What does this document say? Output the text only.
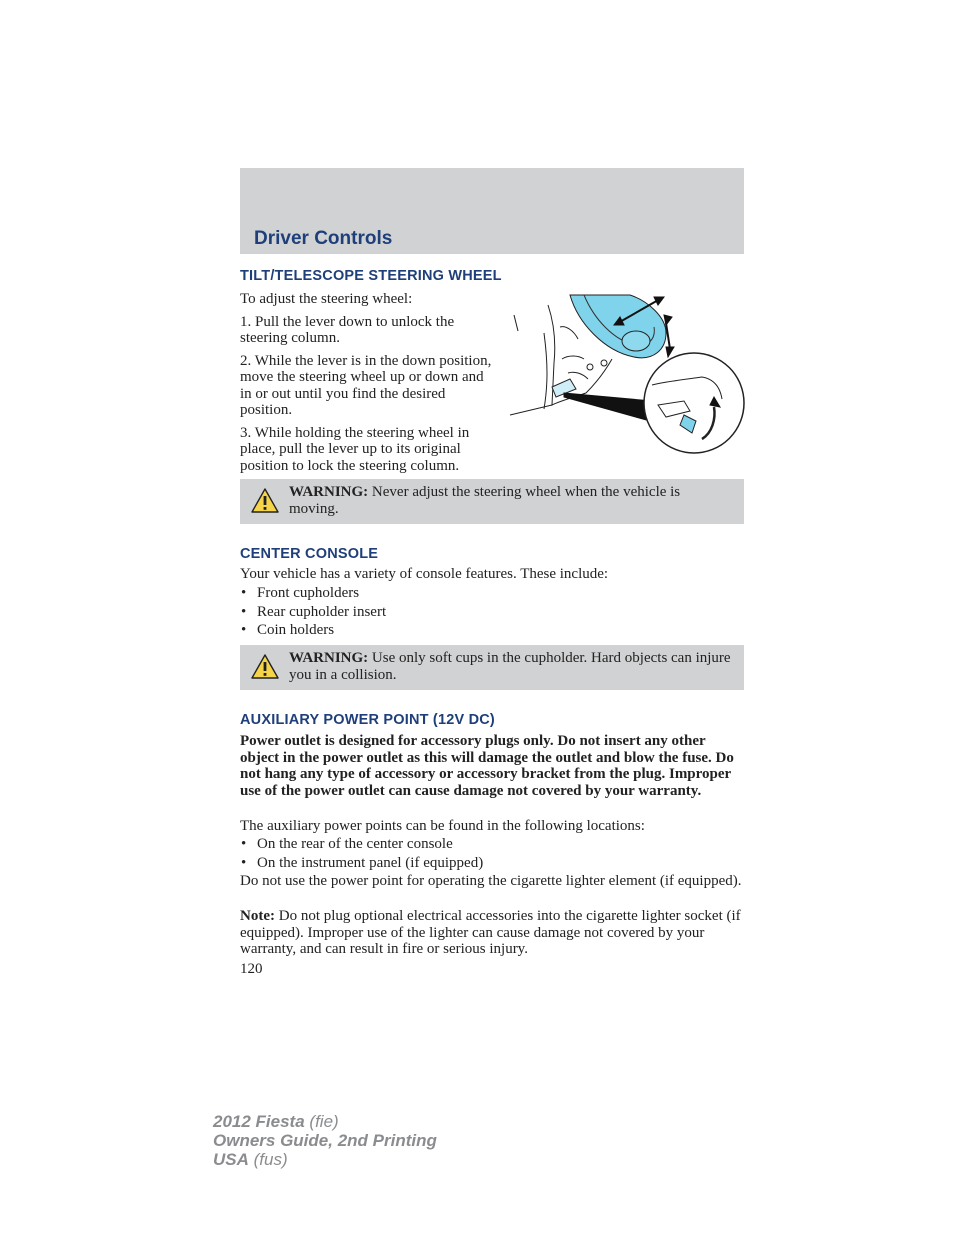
Driver Controls
TILT/TELESCOPE STEERING WHEEL

To adjust the steering wheel:

1. Pull the lever down to unlock the steering column.

2. While the lever is in the down position, move the steering wheel up or down and in or out until you find the desired position.

3. While holding the steering wheel in place, pull the lever up to its original position to lock the steering column.

WARNING: Never adjust the steering wheel when the vehicle is moving.
CENTER CONSOLE

Your vehicle has a variety of console features. These include:

• Front cupholders
• Rear cupholder insert
• Coin holders
WARNING: Use only soft cups in the cupholder. Hard objects can injure you in a collision.
AUXILIARY POWER POINT (12V DC)

Power outlet is designed for accessory plugs only. Do not insert any other object in the power outlet as this will damage the outlet and blow the fuse. Do not hang any type of accessory or accessory bracket from the plug. Improper use of the power outlet can cause damage not covered by your warranty.

The auxiliary power points can be found in the following locations:

• On the rear of the center console
• On the instrument panel (if equipped)

Do not use the power point for operating the cigarette lighter element (if equipped).

Note: Do not plug optional electrical accessories into the cigarette lighter socket (if equipped). Improper use of the lighter can cause damage not covered by your warranty, and can result in fire or serious injury.

120

2012 Fiesta (fie)
Owners Guide, 2nd Printing
USA (fus)
